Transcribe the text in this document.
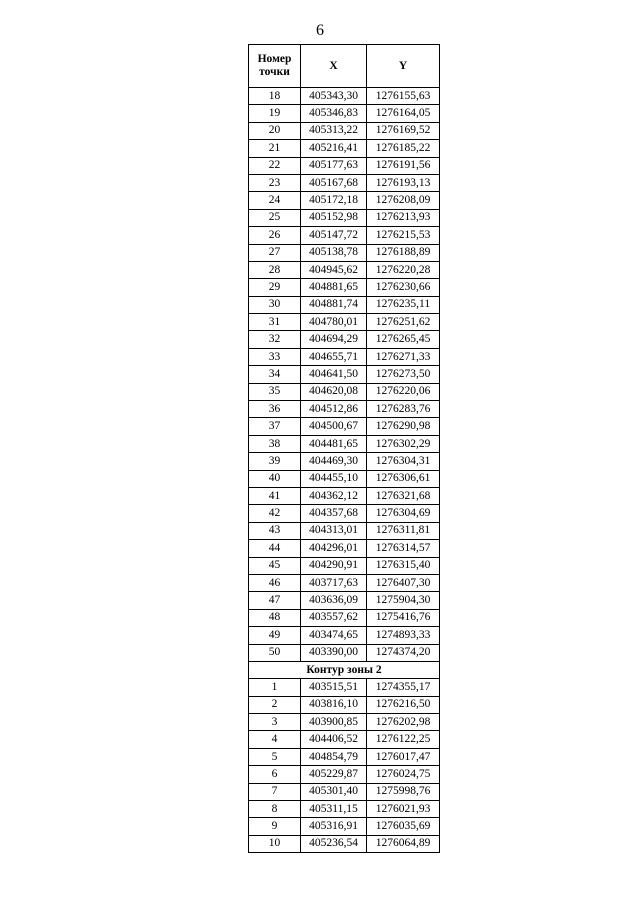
6
Номер
точки	X	Y
18	405343,30	1276155,63
19	405346,83	1276164,05
20	405313,22	1276169,52
21	405216,41	1276185,22
22	405177,63	1276191,56
23	405167,68	1276193,13
24	405172,18	1276208,09
25	405152,98	1276213,93
26	405147,72	1276215,53
27	405138,78	1276188,89
28	404945,62	1276220,28
29	404881,65	1276230,66
30	404881,74	1276235,11
31	404780,01	1276251,62
32	404694,29	1276265,45
33	404655,71	1276271,33
34	404641,50	1276273,50
35	404620,08	1276220,06
36	404512,86	1276283,76
37	404500,67	1276290,98
38	404481,65	1276302,29
39	404469,30	1276304,31
40	404455,10	1276306,61
41	404362,12	1276321,68
42	404357,68	1276304,69
43	404313,01	1276311,81
44	404296,01	1276314,57
45	404290,91	1276315,40
46	403717,63	1276407,30
47	403636,09	1275904,30
48	403557,62	1275416,76
49	403474,65	1274893,33
50	403390,00	1274374,20
Контур зоны 2		
1	403515,51	1274355,17
2	403816,10	1276216,50
3	403900,85	1276202,98
4	404406,52	1276122,25
5	404854,79	1276017,47
6	405229,87	1276024,75
7	405301,40	1275998,76
8	405311,15	1276021,93
9	405316,91	1276035,69
10	405236,54	1276064,89
